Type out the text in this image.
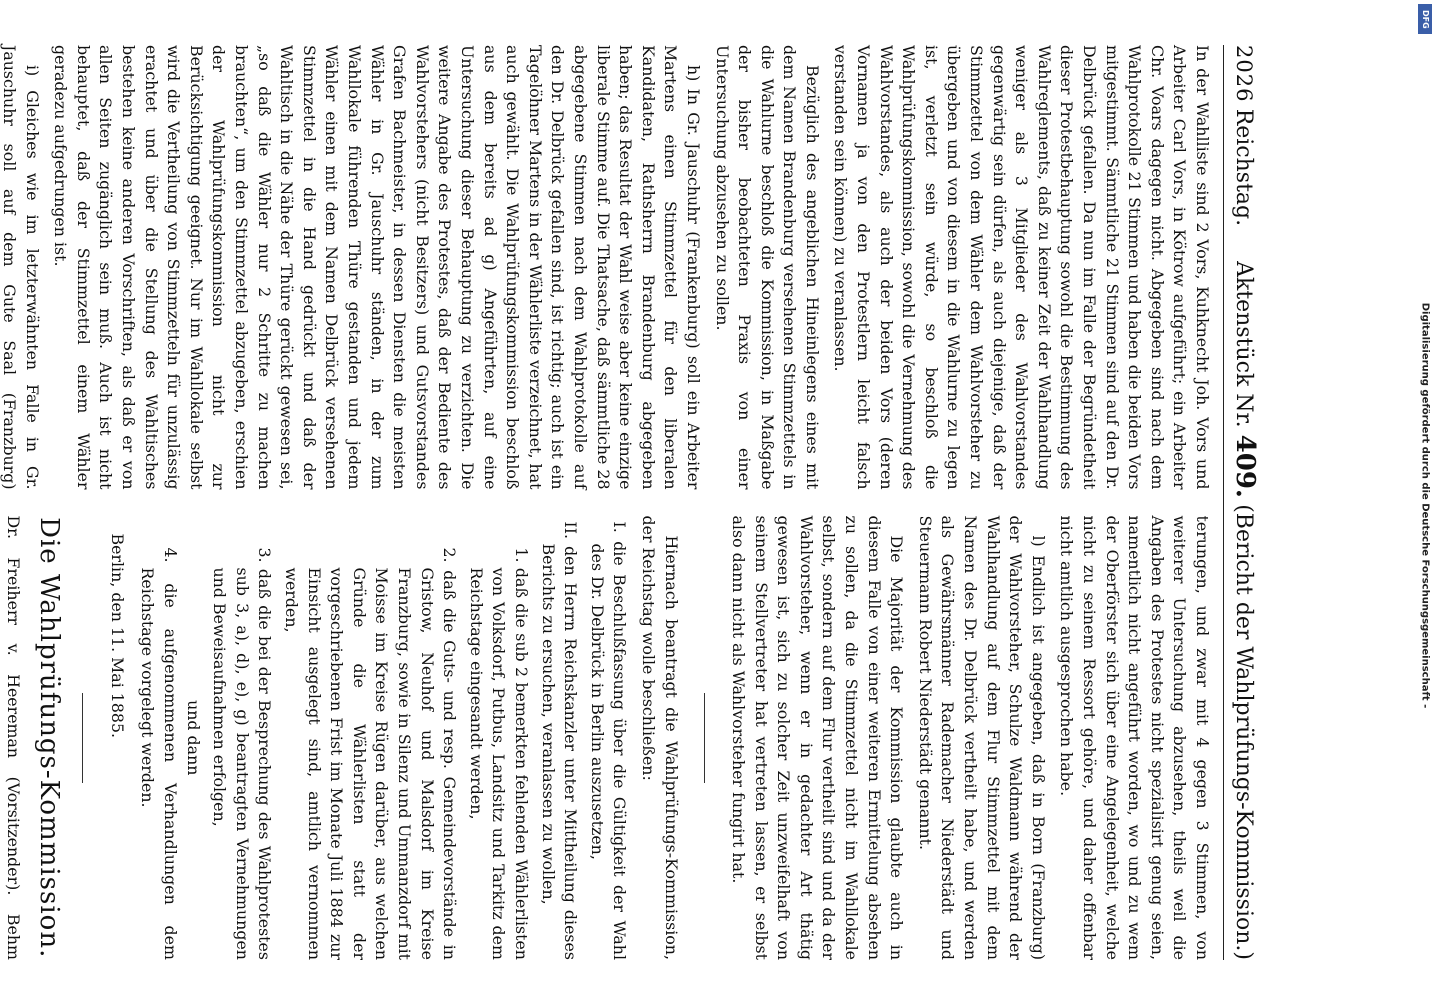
2026
Reichstag.     Aktenstück Nr. 409.
(Bericht der Wahlprüfungs-Kommission.)

In der Wahlliste sind 2 Vors, Kuhknecht Joh. Vors und Arbeiter Carl Vors, in Kötrow aufgeführt; ein Arbeiter Chr. Voars dagegen nicht. Abgegeben sind nach dem Wahlprotokolle 21 Stimmen und haben die beiden Vors mitgestimmt. Sämmtliche 21 Stimmen sind auf den Dr. Delbrück gefallen. Da nun im Falle der Begründetheit dieser Protestbehauptung sowohl die Bestimmung des Wahlreglements, daß zu keiner Zeit der Wahlhandlung weniger als 3 Mitglieder des Wahlvorstandes gegenwärtig sein dürfen, als auch diejenige, daß der Stimmzettel von dem Wähler dem Wahlvorsteher zu übergeben und von diesem in die Wahlurne zu legen ist, verletzt sein würde, so beschloß die Wahlprüfungskommission, sowohl die Vernehmung des Wahlvorstandes, als auch der beiden Vors (deren Vornamen ja von den Protestlern leicht falsch verstanden sein können) zu veranlassen.

Bezüglich des angeblichen Hineinlegens eines mit dem Namen Brandenburg versehenen Stimmzettels in die Wahlurne beschloß die Kommission, in Maßgabe der bisher beobachteten Praxis von einer Untersuchung abzusehen zu sollen.

h) In Gr. Jauschuhr (Frankenburg) soll ein Arbeiter Martens einen Stimmzettel für den liberalen Kandidaten, Rathsherrn Brandenburg abgegeben haben; das Resultat der Wahl weise aber keine einzige liberale Stimme auf. Die Thatsache, daß sämmtliche 28 abgegebene Stimmen nach dem Wahlprotokolle auf den Dr. Delbrück gefallen sind, ist richtig; auch ist ein Tagelöhner Martens in der Wählerliste verzeichnet, hat auch gewählt. Die Wahlprüfungskommission beschloß aus dem bereits ad g) Angeführten, auf eine Untersuchung dieser Behauptung zu verzichten. Die weitere Angabe des Protestes, daß der Bediente des Wahlvorstehers (nicht Besitzers) und Gutsvorstandes Grafen Bachmeister, in dessen Diensten die meisten Wähler in Gr. Jauschuhr ständen, in der zum Wahllokale führenden Thüre gestanden und jedem Wähler einen mit dem Namen Delbrück versehenen Stimmzettel in die Hand gedrückt und daß der Wahltisch in die Nähe der Thüre gerückt gewesen sei, „so daß die Wähler nur 2 Schritte zu machen brauchten“, um den Stimmzettel abzugeben, erschien der Wahlprüfungskommission nicht zur Berücksichtigung geeignet. Nur im Wahllokale selbst wird die Vertheilung von Stimmzetteln für unzulässig erachtet und über die Stellung des Wahltisches bestehen keine anderen Vorschriften, als daß er von allen Seiten zugänglich sein muß. Auch ist nicht behauptet, daß der Stimmzettel einem Wähler geradezu aufgedrungen ist.

i) Gleiches wie im letzterwähnten Falle in Gr. Jauschuhr soll auf dem Gute Saal (Franzburg)

terungen, und zwar mit 4 gegen 3 Stimmen, von weiterer Untersuchung abzusehen, theils weil die Angaben des Protestes nicht spezialisirt genug seien, namentlich nicht angeführt worden, wo und zu wem der Oberförster sich über eine Angelegenheit, welche nicht zu seinem Ressort gehöre, und daher offenbar nicht amtlich ausgesprochen habe.

l) Endlich ist angegeben, daß in Born (Franzburg) der Wahlvorsteher, Schulze Waldmann während der Wahlhandlung auf dem Flur Stimmzettel mit dem Namen des Dr. Delbrück vertheilt habe, und werden als Gewährsmänner Rademacher Niederstädt und Steuermann Robert Niederstädt genannt.

Die Majorität der Kommission glaubte auch in diesem Falle von einer weiteren Ermittelung absehen zu sollen, da die Stimmzettel nicht im Wahllokale selbst, sondern auf dem Flur vertheilt sind und da der Wahlvorsteher, wenn er in gedachter Art thätig gewesen ist, sich zu solcher Zeit unzweifelhaft von seinem Stellvertreter hat vertreten lassen, er selbst also dann nicht als Wahlvorsteher fungirt hat.

Hiernach beantragt die Wahlprüfungs-Kommission, der Reichstag wolle beschließen:

I. die Beschlußfassung über die Gültigkeit der Wahl des Dr. Delbrück in Berlin auszusetzen,
II. den Herrn Reichskanzler unter Mittheilung dieses Berichts zu ersuchen, veranlassen zu wollen,
1. daß die sub 2 bemerkten fehlenden Wählerlisten von Volksdorf, Putbus, Landsitz und Tarkitz dem Reichstage eingesandt werden,
2. daß die Guts- und resp. Gemeindevorstände in Gristow, Neuhof und Malsdorf im Kreise Franzburg, sowie in Silenz und Ummanzdorf mit Moisse im Kreise Rügen darüber, aus welchen Gründe die Wählerlisten statt der vorgeschriebenen Frist im Monate Juli 1884 zur Einsicht ausgelegt sind, amtlich vernommen werden,
3. daß die bei der Besprechung des Wahlprotestes sub 3, a), d), e), g) beantragten Vernehmungen und Beweisaufnahmen erfolgen,
und dann
4. die aufgenommenen Verhandlungen dem Reichstage vorgelegt werden.
Berlin, den 11. Mai 1885.
Die Wahlprüfungs-Kommission.
Dr. Freiherr v. Heereman (Vorsitzender). Behm
DFG
Digitalisierung gefördert durch die Deutsche Forschungsgemeinschaft -
